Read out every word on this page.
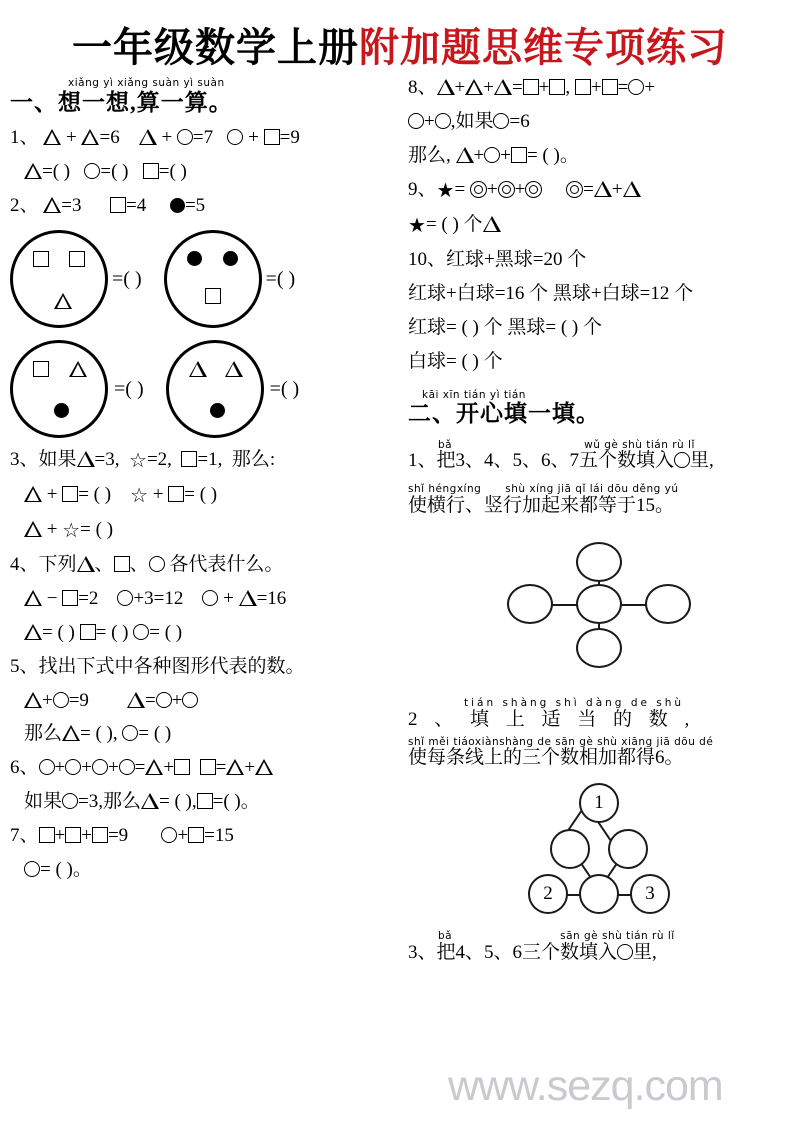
一年级数学上册附加题思维专项练习
xiǎng yì xiǎng suàn yì suàn
一、想一想,算一算。
1、 + =6 + =7 + =9
=( ) =( ) =( )
2、 =3 =4 =5
=( )	=( )
=( )	=( )
3、如果 =3, ☆=2, =1, 那么:
+ = ( ) ☆ + = ( )
+ ☆= ( )
4、下列 、 、 各代表什么。
− =2 +3=12 + =16
= ( ) = ( ) = ( )
5、找出下式中各种图形代表的数。
+ =9	= +
那么 = ( ), = ( )
6、 + + + = + = +
如果 =3,那么 = ( ), =( )。
7、 + + =9	+ =15
= ( )。
8、 + + = + , + = +
+ ,如果 =6
那么, + + = ( )。
9、★= + +	= +
★= ( ) 个
10、红球+黑球=20 个
红球+白球=16 个 黑球+白球=12 个
红球= ( ) 个 黑球= ( ) 个
白球= ( ) 个
kāi xīn tián yì tián
二、开心填一填。
bǎ	wǔ gè shù tián rù lǐ
1、把3、4、5、6、7五个数填入 里,
shǐ héngxíng shù xíng jiā qǐ lái dōu děng yú
使横行、竖行加起来都等于15。
tián shàng shì dàng de shù
2 、 填 上 适 当 的 数 ,
shǐ měi tiáoxiànshàng de sān gè shù xiāng jiā dōu dé
使每条线上的三个数相加都得6。
1
2	3
bǎ	sān gè shù tián rù lǐ
3、把4、5、6三个数填入 里,
www.sezq.com
